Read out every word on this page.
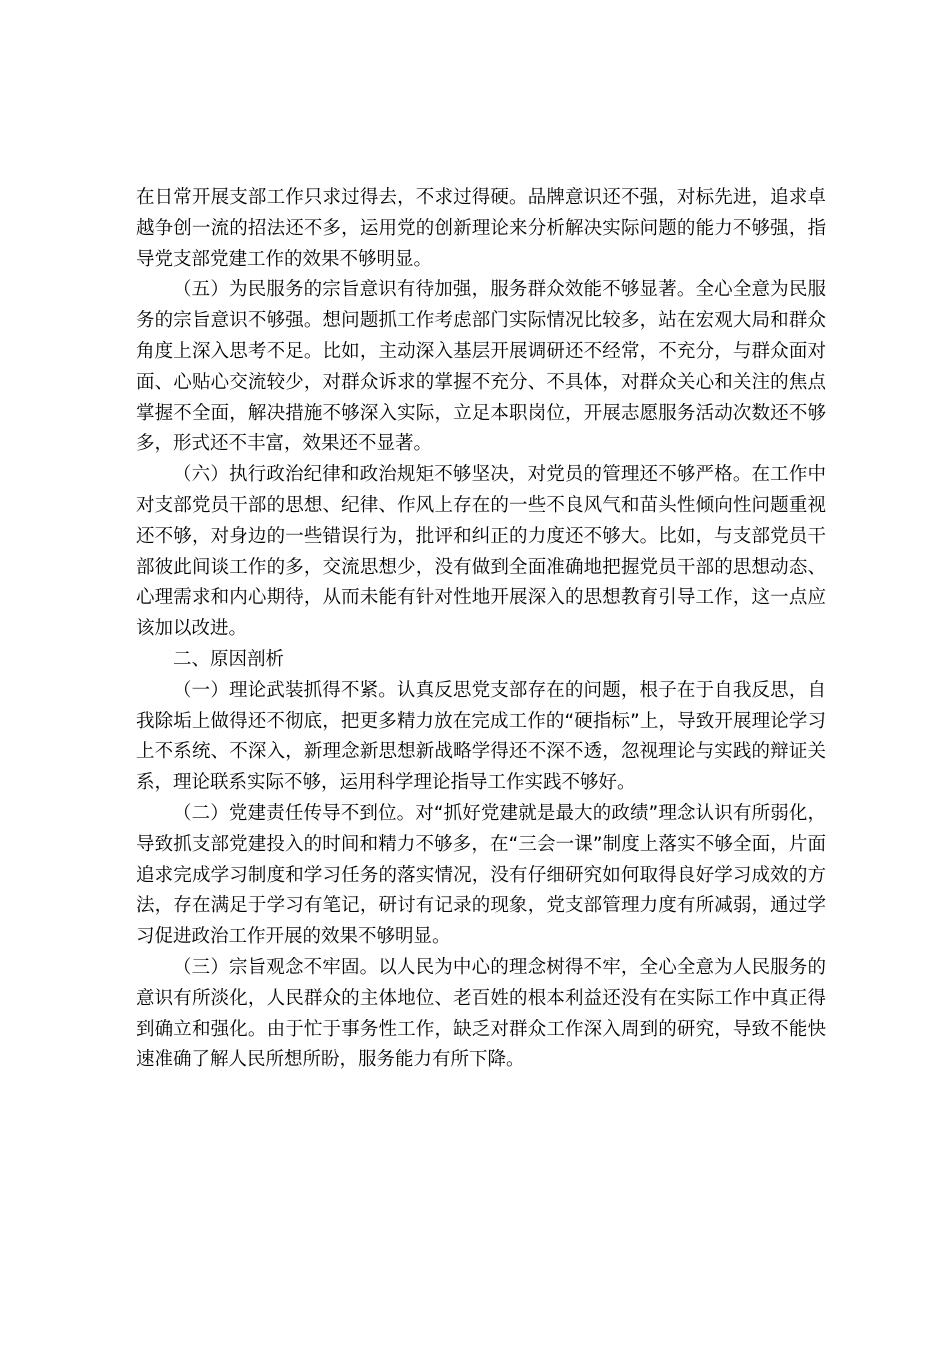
在日常开展支部工作只求过得去，不求过得硬。品牌意识还不强，对标先进，追求卓越争创一流的招法还不多，运用党的创新理论来分析解决实际问题的能力不够强，指导党支部党建工作的效果不够明显。

（五）为民服务的宗旨意识有待加强，服务群众效能不够显著。全心全意为民服务的宗旨意识不够强。想问题抓工作考虑部门实际情况比较多，站在宏观大局和群众角度上深入思考不足。比如，主动深入基层开展调研还不经常，不充分，与群众面对面、心贴心交流较少，对群众诉求的掌握不充分、不具体，对群众关心和关注的焦点掌握不全面，解决措施不够深入实际，立足本职岗位，开展志愿服务活动次数还不够多，形式还不丰富，效果还不显著。

（六）执行政治纪律和政治规矩不够坚决，对党员的管理还不够严格。在工作中对支部党员干部的思想、纪律、作风上存在的一些不良风气和苗头性倾向性问题重视还不够，对身边的一些错误行为，批评和纠正的力度还不够大。比如，与支部党员干部彼此间谈工作的多，交流思想少，没有做到全面准确地把握党员干部的思想动态、心理需求和内心期待，从而未能有针对性地开展深入的思想教育引导工作，这一点应该加以改进。

二、原因剖析

（一）理论武装抓得不紧。认真反思党支部存在的问题，根子在于自我反思，自我除垢上做得还不彻底，把更多精力放在完成工作的“硬指标”上，导致开展理论学习上不系统、不深入，新理念新思想新战略学得还不深不透，忽视理论与实践的辩证关系，理论联系实际不够，运用科学理论指导工作实践不够好。

（二）党建责任传导不到位。对“抓好党建就是最大的政绩”理念认识有所弱化，导致抓支部党建投入的时间和精力不够多，在“三会一课”制度上落实不够全面，片面追求完成学习制度和学习任务的落实情况，没有仔细研究如何取得良好学习成效的方法，存在满足于学习有笔记，研讨有记录的现象，党支部管理力度有所减弱，通过学习促进政治工作开展的效果不够明显。

（三）宗旨观念不牢固。以人民为中心的理念树得不牢，全心全意为人民服务的意识有所淡化，人民群众的主体地位、老百姓的根本利益还没有在实际工作中真正得到确立和强化。由于忙于事务性工作，缺乏对群众工作深入周到的研究，导致不能快速准确了解人民所想所盼，服务能力有所下降。
